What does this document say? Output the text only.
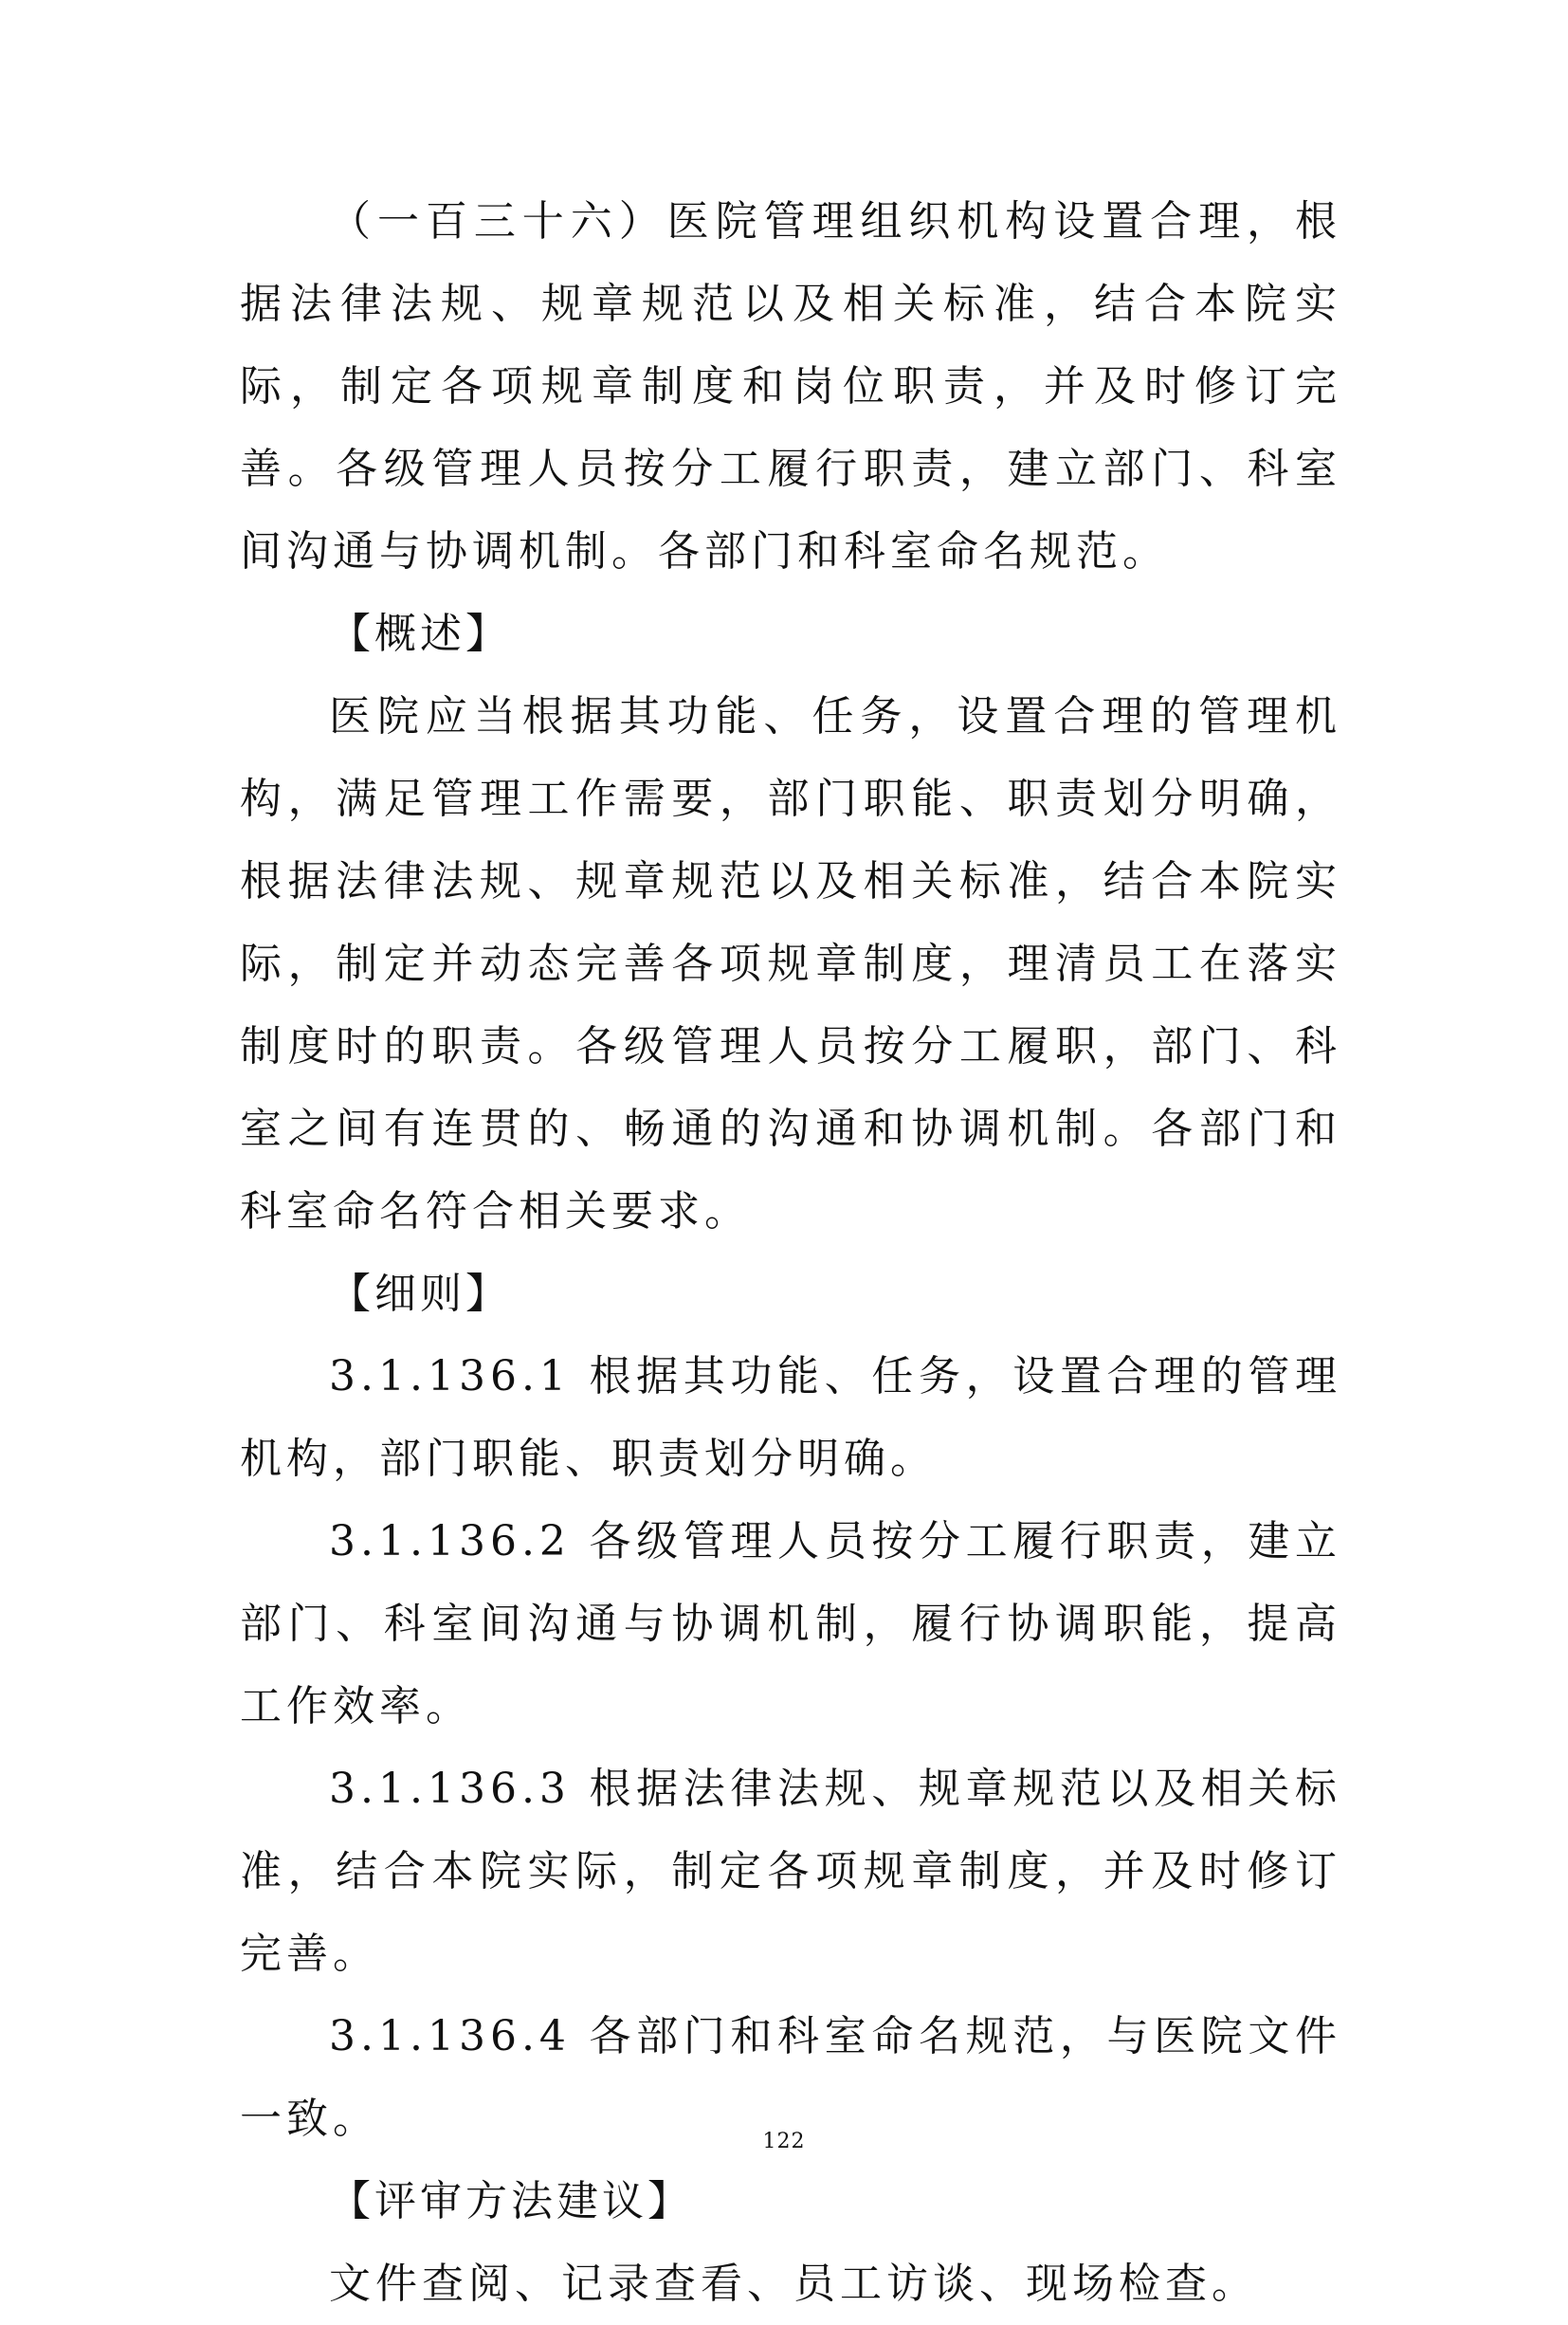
（一百三十六）医院管理组织机构设置合理，根据法律法规、规章规范以及相关标准，结合本院实际，制定各项规章制度和岗位职责，并及时修订完善。各级管理人员按分工履行职责，建立部门、科室间沟通与协调机制。各部门和科室命名规范。

【概述】

医院应当根据其功能、任务，设置合理的管理机构，满足管理工作需要，部门职能、职责划分明确，根据法律法规、规章规范以及相关标准，结合本院实际，制定并动态完善各项规章制度，理清员工在落实制度时的职责。各级管理人员按分工履职，部门、科室之间有连贯的、畅通的沟通和协调机制。各部门和科室命名符合相关要求。

【细则】

3.1.136.1 根据其功能、任务，设置合理的管理机构，部门职能、职责划分明确。

3.1.136.2 各级管理人员按分工履行职责，建立部门、科室间沟通与协调机制，履行协调职能，提高工作效率。

3.1.136.3 根据法律法规、规章规范以及相关标准，结合本院实际，制定各项规章制度，并及时修订完善。

3.1.136.4 各部门和科室命名规范，与医院文件一致。

【评审方法建议】

文件查阅、记录查看、员工访谈、现场检查。

122
